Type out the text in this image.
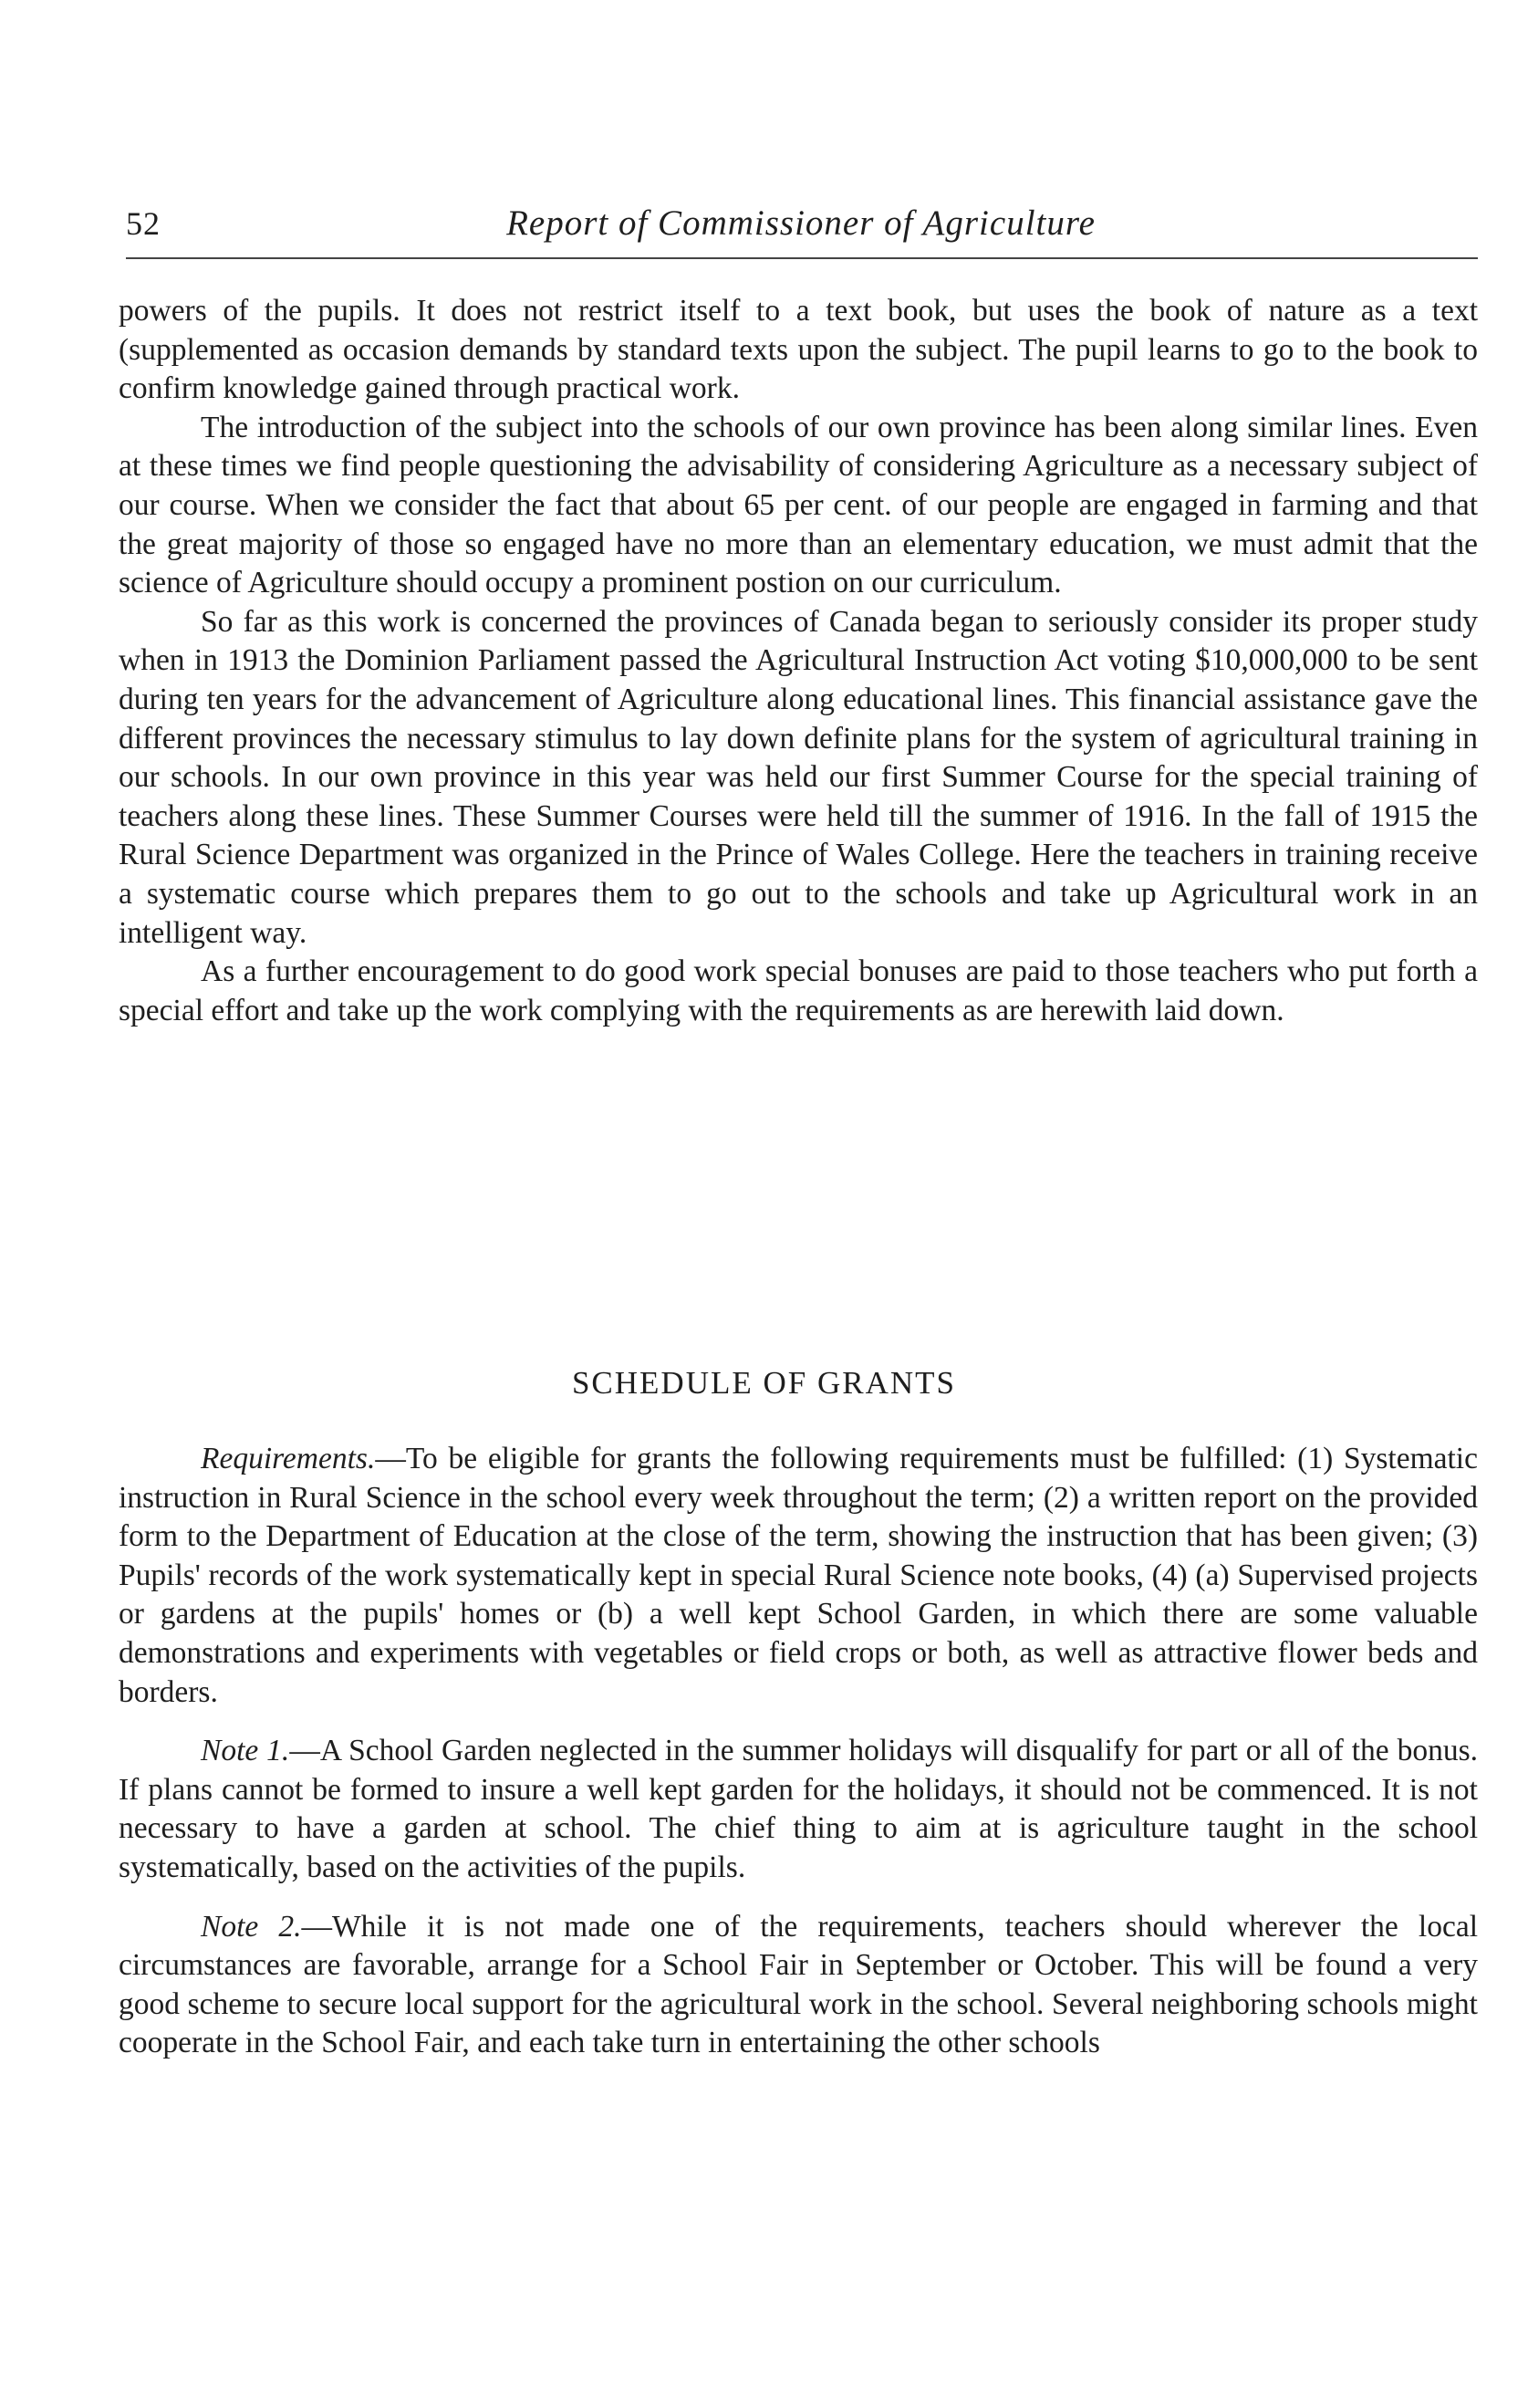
52	Report of Commissioner of Agriculture

powers of the pupils. It does not restrict itself to a text book, but uses the book of nature as a text (supplemented as occasion demands by standard texts upon the subject. The pupil learns to go to the book to confirm knowledge gained through practical work.

The introduction of the subject into the schools of our own province has been along similar lines. Even at these times we find people questioning the advisability of considering Agriculture as a necessary subject of our course. When we consider the fact that about 65 per cent. of our people are engaged in farming and that the great majority of those so engaged have no more than an elementary education, we must admit that the science of Agriculture should occupy a prominent postion on our curriculum.

So far as this work is concerned the provinces of Canada began to seriously consider its proper study when in 1913 the Dominion Parliament passed the Agricultural Instruction Act voting $10,000,000 to be sent during ten years for the advancement of Agriculture along educational lines. This financial assistance gave the different provinces the necessary stimulus to lay down definite plans for the system of agricultural training in our schools. In our own province in this year was held our first Summer Course for the special training of teachers along these lines. These Summer Courses were held till the summer of 1916. In the fall of 1915 the Rural Science Department was organized in the Prince of Wales College. Here the teachers in training receive a systematic course which prepares them to go out to the schools and take up Agricultural work in an intelligent way.

As a further encouragement to do good work special bonuses are paid to those teachers who put forth a special effort and take up the work complying with the requirements as are herewith laid down.

SCHEDULE OF GRANTS

Requirements.—To be eligible for grants the following requirements must be fulfilled: (1) Systematic instruction in Rural Science in the school every week throughout the term; (2) a written report on the provided form to the Department of Education at the close of the term, showing the instruction that has been given; (3) Pupils' records of the work systematically kept in special Rural Science note books, (4) (a) Supervised projects or gardens at the pupils' homes or (b) a well kept School Garden, in which there are some valuable demonstrations and experiments with vegetables or field crops or both, as well as attractive flower beds and borders.

Note 1.—A School Garden neglected in the summer holidays will disqualify for part or all of the bonus. If plans cannot be formed to insure a well kept garden for the holidays, it should not be commenced. It is not necessary to have a garden at school. The chief thing to aim at is agriculture taught in the school systematically, based on the activities of the pupils.

Note 2.—While it is not made one of the requirements, teachers should wherever the local circumstances are favorable, arrange for a School Fair in September or October. This will be found a very good scheme to secure local support for the agricultural work in the school. Several neighboring schools might cooperate in the School Fair, and each take turn in entertaining the other schools
